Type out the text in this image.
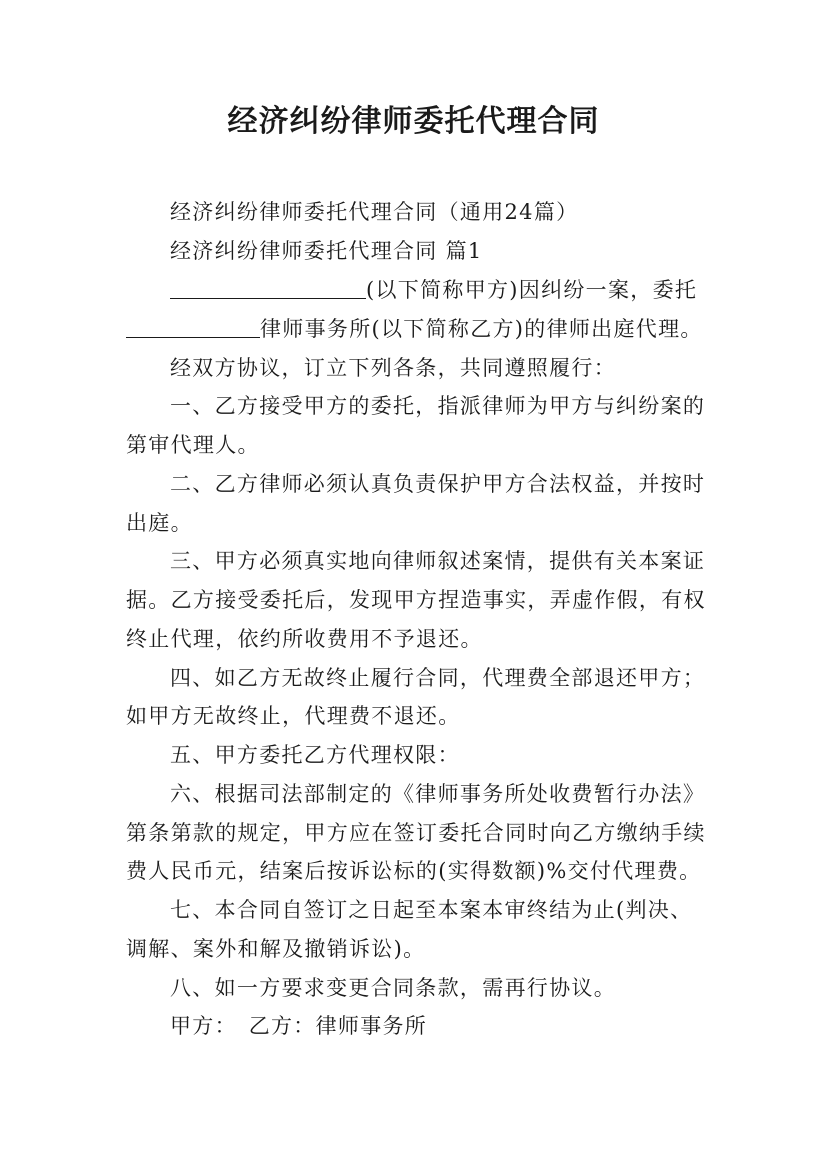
经济纠纷律师委托代理合同
经济纠纷律师委托代理合同（通用24篇）
经济纠纷律师委托代理合同 篇1
(以下简称甲方)因纠纷一案，委托
律师事务所(以下简称乙方)的律师出庭代理。
经双方协议，订立下列各条，共同遵照履行：
一、乙方接受甲方的委托，指派律师为甲方与纠纷案的
第审代理人。
二、乙方律师必须认真负责保护甲方合法权益，并按时
出庭。
三、甲方必须真实地向律师叙述案情，提供有关本案证
据。乙方接受委托后，发现甲方捏造事实，弄虚作假，有权
终止代理，依约所收费用不予退还。
四、如乙方无故终止履行合同，代理费全部退还甲方；
如甲方无故终止，代理费不退还。
五、甲方委托乙方代理权限：
六、根据司法部制定的《律师事务所处收费暂行办法》
第条第款的规定，甲方应在签订委托合同时向乙方缴纳手续
费人民币元，结案后按诉讼标的(实得数额)%交付代理费。
七、本合同自签订之日起至本案本审终结为止(判决、
调解、案外和解及撤销诉讼)。
八、如一方要求变更合同条款，需再行协议。
甲方：　乙方：律师事务所
